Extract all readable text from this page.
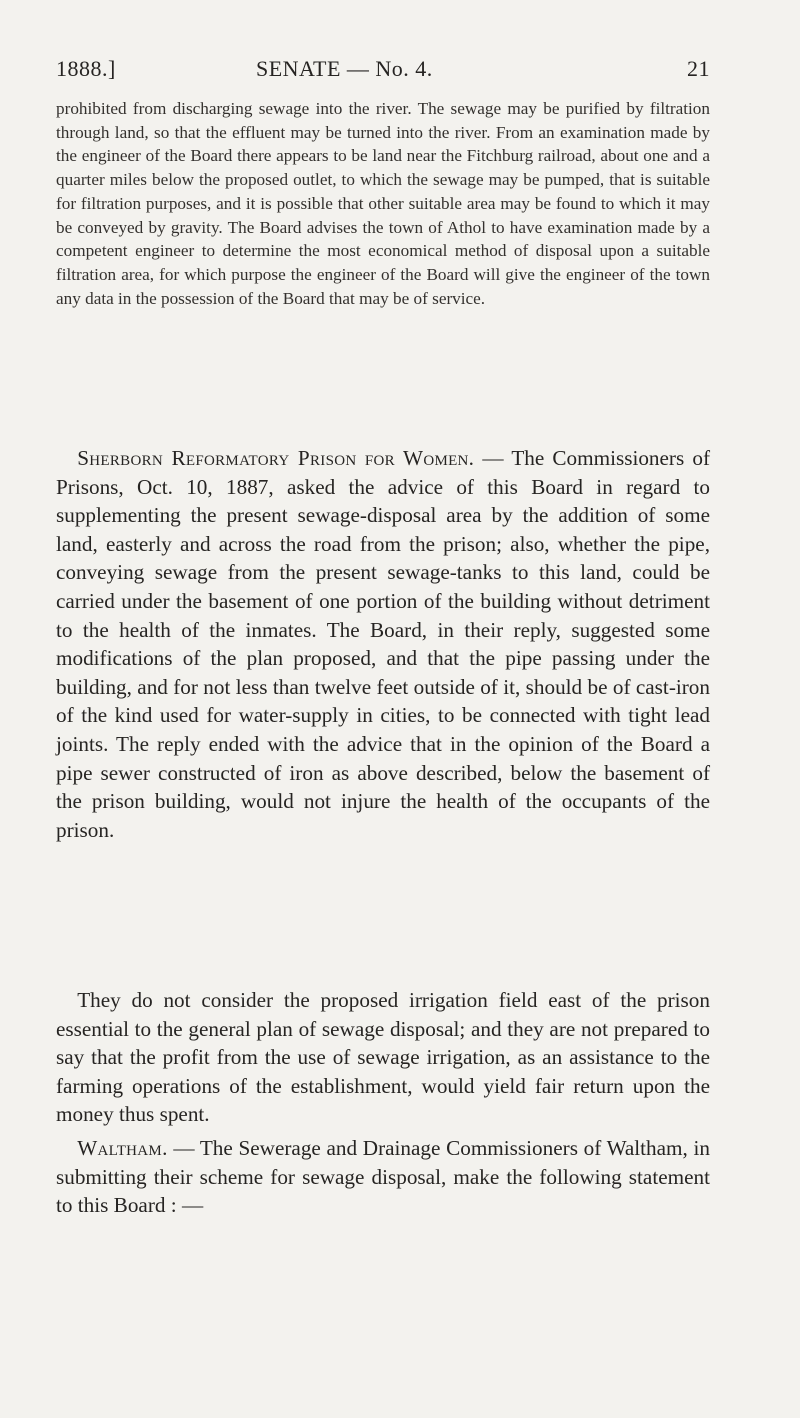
1888.]	SENATE — No. 4.	21

prohibited from discharging sewage into the river. The sewage may be purified by filtration through land, so that the effluent may be turned into the river. From an examination made by the engineer of the Board there appears to be land near the Fitchburg railroad, about one and a quarter miles below the proposed outlet, to which the sewage may be pumped, that is suitable for filtration purposes, and it is possible that other suitable area may be found to which it may be conveyed by gravity. The Board advises the town of Athol to have examination made by a competent engineer to determine the most economical method of disposal upon a suitable filtration area, for which purpose the engineer of the Board will give the engineer of the town any data in the possession of the Board that may be of service.

 Sherborn Reformatory Prison for Women. — The Commissioners of Prisons, Oct. 10, 1887, asked the advice of this Board in regard to supplementing the present sewage-disposal area by the addition of some land, easterly and across the road from the prison; also, whether the pipe, conveying sewage from the present sewage-tanks to this land, could be carried under the basement of one portion of the building without detriment to the health of the inmates. The Board, in their reply, suggested some modifications of the plan proposed, and that the pipe passing under the building, and for not less than twelve feet outside of it, should be of cast-iron of the kind used for water-supply in cities, to be connected with tight lead joints. The reply ended with the advice that in the opinion of the Board a pipe sewer constructed of iron as above described, below the basement of the prison building, would not injure the health of the occupants of the prison.

 They do not consider the proposed irrigation field east of the prison essential to the general plan of sewage disposal; and they are not prepared to say that the profit from the use of sewage irrigation, as an assistance to the farming operations of the establishment, would yield fair return upon the money thus spent.

 Waltham. — The Sewerage and Drainage Commissioners of Waltham, in submitting their scheme for sewage disposal, make the following statement to this Board : —
